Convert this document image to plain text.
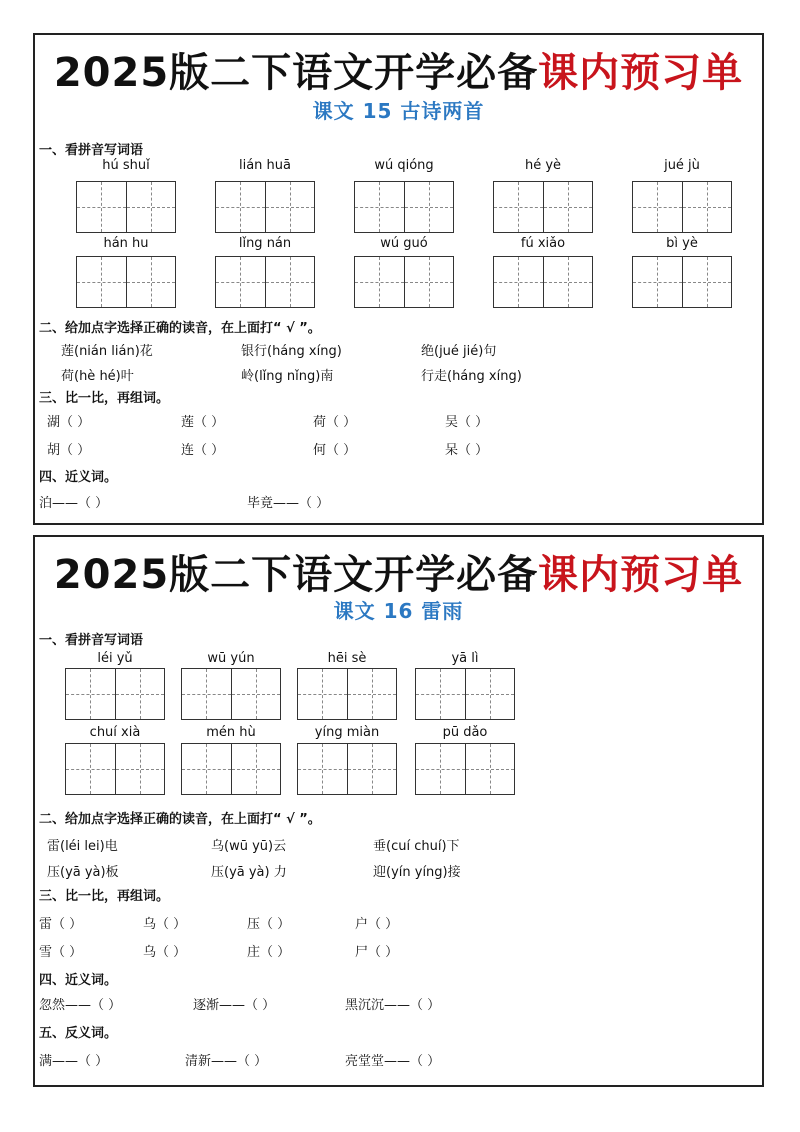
2025版二下语文开学必备课内预习单
课文 15 古诗两首
一、看拼音写词语
hú shuǐ	lián huā	wú qióng	hé yè	jué jù
hán hu	lǐng nán	wú guó	fú xiǎo	bì yè
二、给加点字选择正确的读音，在上面打“ √ ”。
莲(nián lián)花	银行(háng xíng)	绝(jué jié)句
荷(hè hé)叶	岭(lǐng nǐng)南	行走(háng xíng)
三、比一比，再组词。
湖（ ）	莲（ ）	荷（ ）	吴（ ）
胡（ ）	连（ ）	何（ ）	呆（ ）
四、近义词。
泊——（ ）	毕竟——（ ）
2025版二下语文开学必备课内预习单
课文 16 雷雨
一、看拼音写词语
léi yǔ	wū yún	hēi sè	yā lì
chuí xià	mén hù	yíng miàn	pū dǎo
二、给加点字选择正确的读音，在上面打“ √ ”。
雷(léi lei)电	乌(wū yū)云	垂(cuí chuí)下
压(yā yà)板	压(yā yà) 力	迎(yín yíng)接
三、比一比，再组词。
雷（ ）	乌（ ）	压（ ）	户（ ）
雪（ ）	乌（ ）	庄（ ）	尸（ ）
四、近义词。
忽然——（ ）	逐渐——（ ）	黑沉沉——（ ）
五、反义词。
满——（ ）	清新——（ ）	亮堂堂——（ ）
